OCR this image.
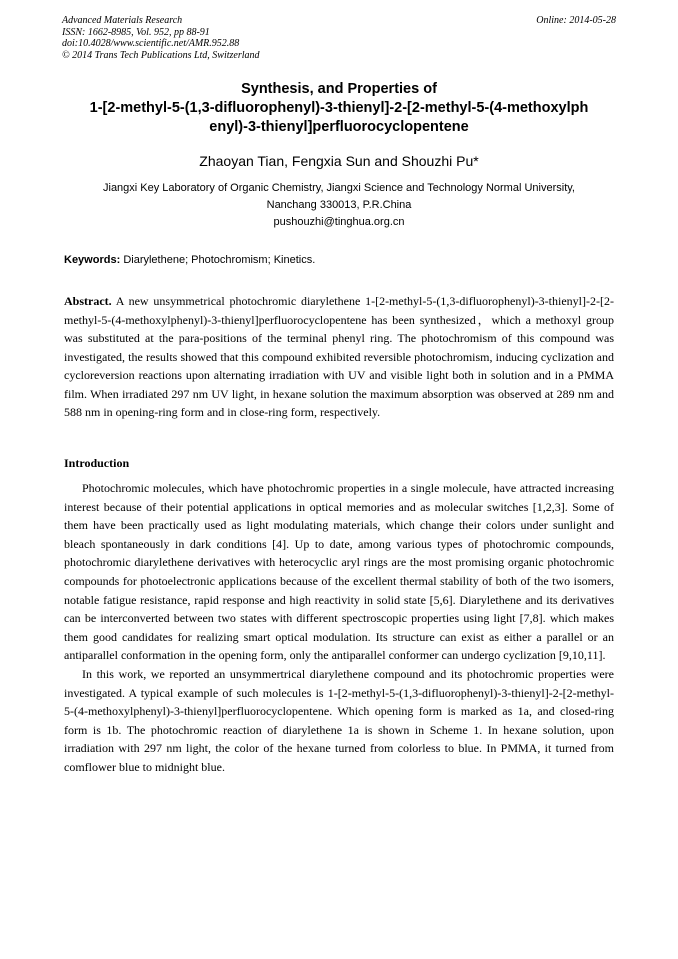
Advanced Materials Research
ISSN: 1662-8985, Vol. 952, pp 88-91
doi:10.4028/www.scientific.net/AMR.952.88
© 2014 Trans Tech Publications Ltd, Switzerland
Online: 2014-05-28
Synthesis, and Properties of
1-[2-methyl-5-(1,3-difluorophenyl)-3-thienyl]-2-[2-methyl-5-(4-methoxylph
enyl)-3-thienyl]perfluorocyclopentene
Zhaoyan Tian, Fengxia Sun and Shouzhi Pu*
Jiangxi Key Laboratory of Organic Chemistry, Jiangxi Science and Technology Normal University,
Nanchang 330013, P.R.China
pushouzhi@tinghua.org.cn
Keywords: Diarylethene; Photochromism; Kinetics.
Abstract. A new unsymmetrical photochromic diarylethene 1-[2-methyl-5-(1,3-difluorophenyl)-3-thienyl]-2-[2-methyl-5-(4-methoxylphenyl)-3-thienyl]perfluorocyclopentene has been synthesized，which a methoxyl group was substituted at the para-positions of the terminal phenyl ring. The photochromism of this compound was investigated, the results showed that this compound exhibited reversible photochromism, inducing cyclization and cycloreversion reactions upon alternating irradiation with UV and visible light both in solution and in a PMMA film. When irradiated 297 nm UV light, in hexane solution the maximum absorption was observed at 289 nm and 588 nm in opening-ring form and in close-ring form, respectively.
Introduction

Photochromic molecules, which have photochromic properties in a single molecule, have attracted increasing interest because of their potential applications in optical memories and as molecular switches [1,2,3]. Some of them have been practically used as light modulating materials, which change their colors under sunlight and bleach spontaneously in dark conditions [4]. Up to date, among various types of photochromic compounds, photochromic diarylethene derivatives with heterocyclic aryl rings are the most promising organic photochromic compounds for photoelectronic applications because of the excellent thermal stability of both of the two isomers, notable fatigue resistance, rapid response and high reactivity in solid state [5,6]. Diarylethene and its derivatives can be interconverted between two states with different spectroscopic properties using light [7,8]. which makes them good candidates for realizing smart optical modulation. Its structure can exist as either a parallel or an antiparallel conformation in the opening form, only the antiparallel conformer can undergo cyclization [9,10,11].

In this work, we reported an unsymmertrical diarylethene compound and its photochromic properties were investigated. A typical example of such molecules is 1-[2-methyl-5-(1,3-difluorophenyl)-3-thienyl]-2-[2-methyl-5-(4-methoxylphenyl)-3-thienyl]perfluorocyclopentene. Which opening form is marked as 1a, and closed-ring form is 1b. The photochromic reaction of diarylethene 1a is shown in Scheme 1. In hexane solution, upon irradiation with 297 nm light, the color of the hexane turned from colorless to blue. In PMMA, it turned from comflower blue to midnight blue.
